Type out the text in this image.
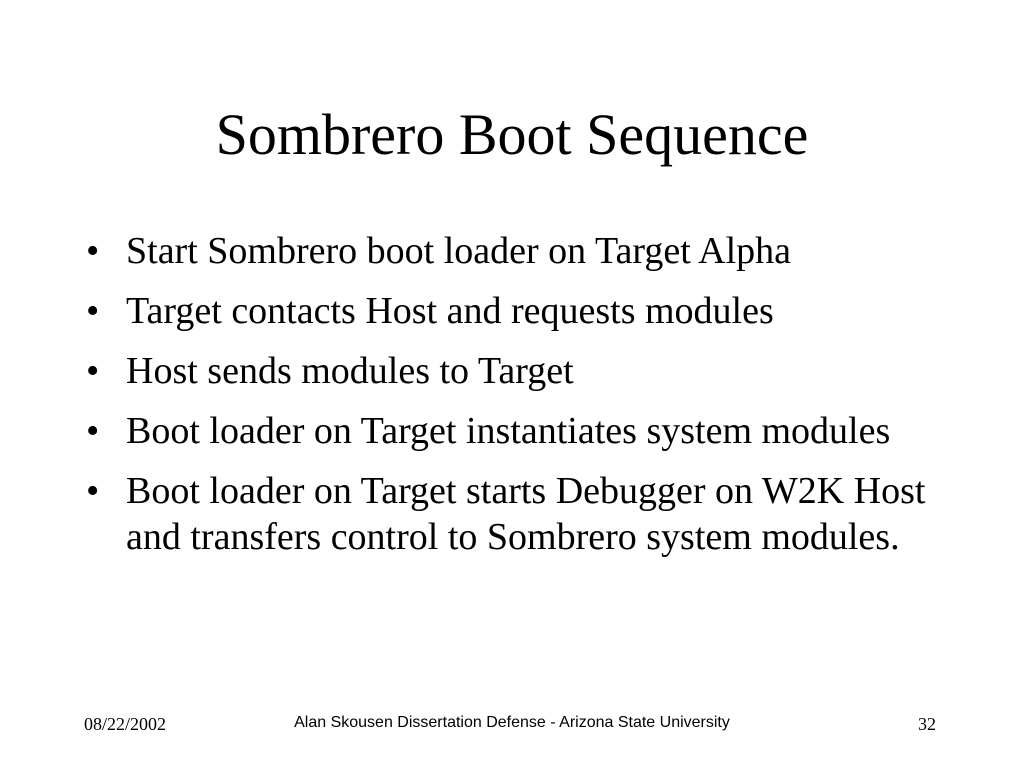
Sombrero Boot Sequence
• Start Sombrero boot loader on Target Alpha
• Target contacts Host and requests modules
• Host sends modules to Target
• Boot loader on Target instantiates system modules
• Boot loader on Target starts Debugger on W2K Host and transfers control to Sombrero system modules.
08/22/2002	Alan Skousen Dissertation Defense - Arizona State University	32
